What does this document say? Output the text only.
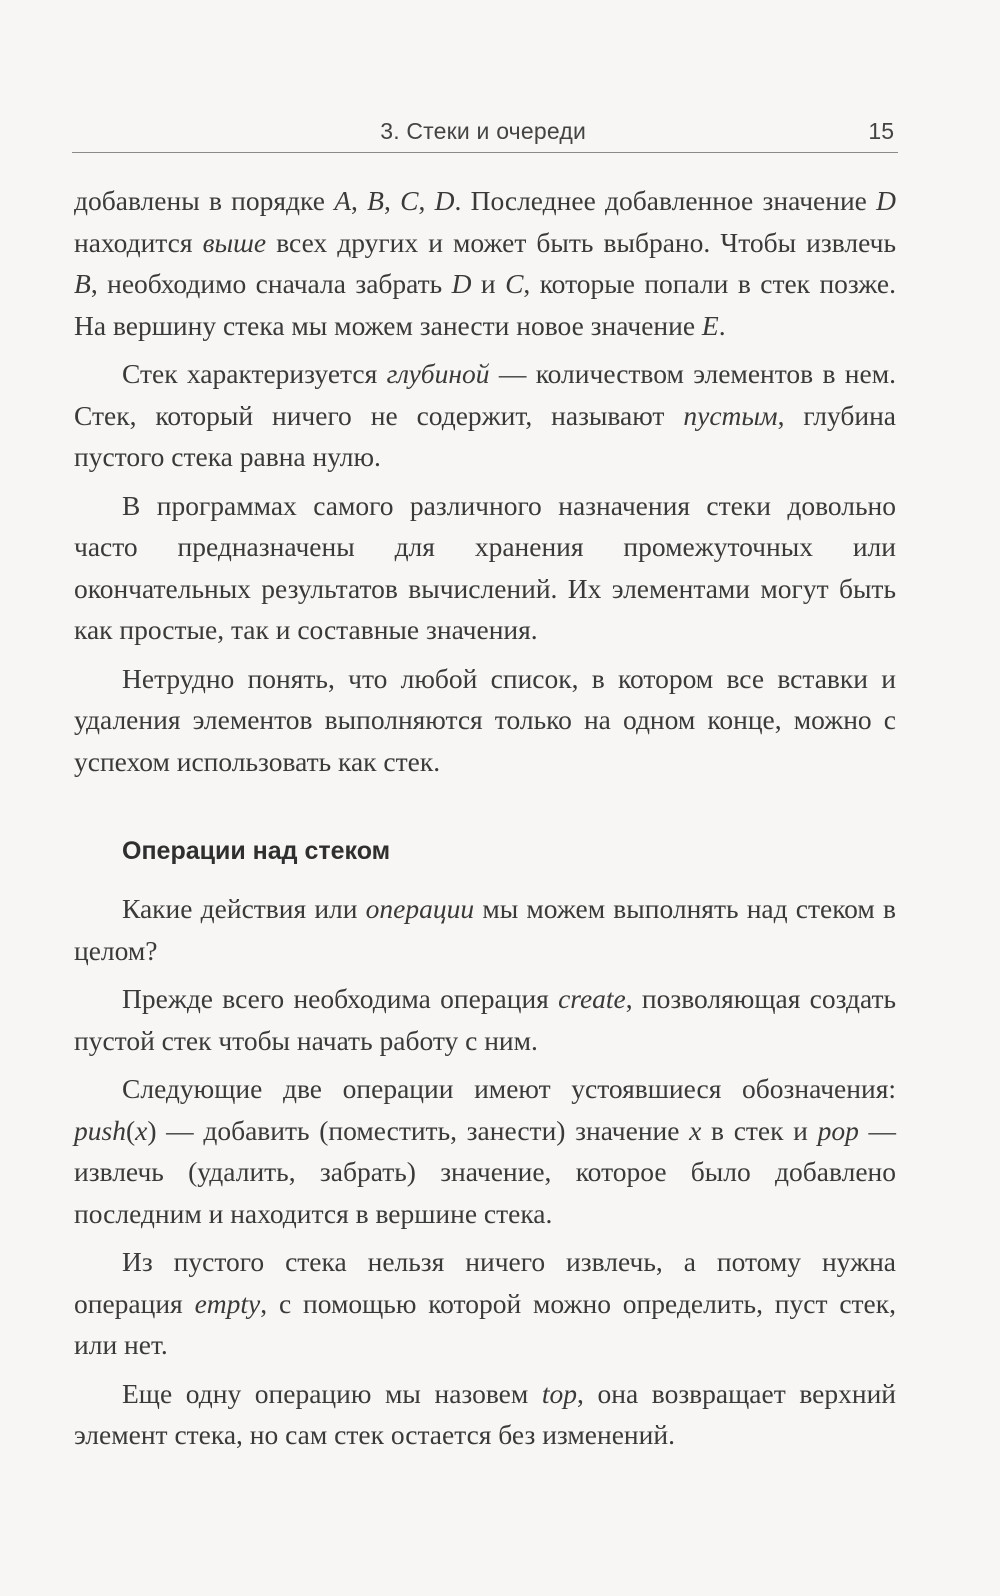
3. Стеки и очереди	15

добавлены в порядке A, B, C, D. Последнее добавленное значение D находится выше всех других и может быть выбрано. Чтобы извлечь B, необходимо сначала забрать D и C, которые попали в стек позже. На вершину стека мы можем занести новое значение E.

Стек характеризуется глубиной — количеством элементов в нем. Стек, который ничего не содержит, называют пустым, глубина пустого стека равна нулю.

В программах самого различного назначения стеки довольно часто предназначены для хранения промежуточных или окончательных результатов вычислений. Их элементами могут быть как простые, так и составные значения.

Нетрудно понять, что любой список, в котором все вставки и удаления элементов выполняются только на одном конце, можно с успехом использовать как стек.

Операции над стеком

Какие действия или операции мы можем выполнять над стеком в целом?

Прежде всего необходима операция create, позволяющая создать пустой стек чтобы начать работу с ним.

Следующие две операции имеют устоявшиеся обозначения: push(x) — добавить (поместить, занести) значение x в стек и pop — извлечь (удалить, забрать) значение, которое было добавлено последним и находится в вершине стека.

Из пустого стека нельзя ничего извлечь, а потому нужна операция empty, с помощью которой можно определить, пуст стек, или нет.

Еще одну операцию мы назовем top, она возвращает верхний элемент стека, но сам стек остается без изменений.
